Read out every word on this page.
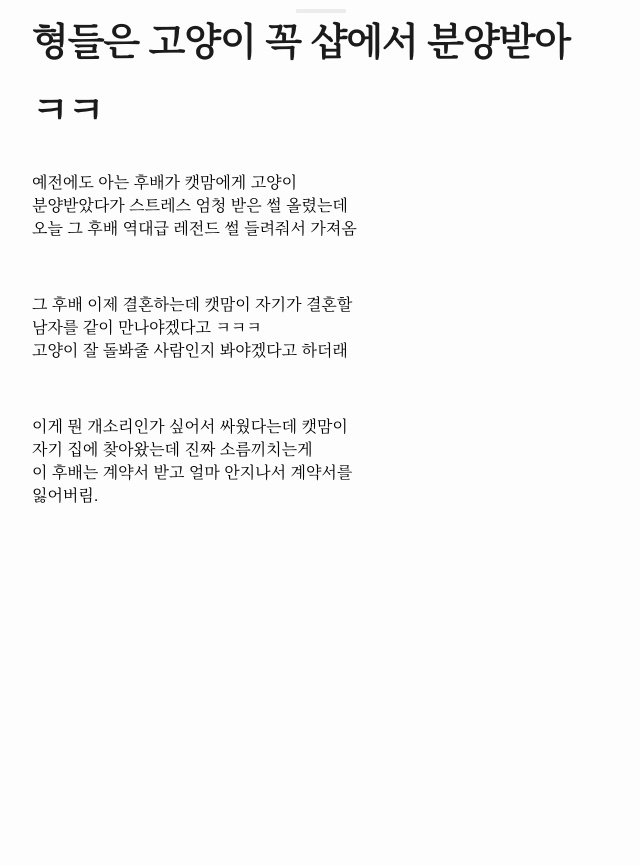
형들은 고양이 꼭 샵에서 분양받아
ㅋㅋ

예전에도 아는 후배가 캣맘에게 고양이
분양받았다가 스트레스 엄청 받은 썰 올렸는데
오늘 그 후배 역대급 레전드 썰 들려줘서 가져옴

그 후배 이제 결혼하는데 캣맘이 자기가 결혼할
남자를 같이 만나야겠다고 ㅋㅋㅋ
고양이 잘 돌봐줄 사람인지 봐야겠다고 하더래

이게 뭔 개소리인가 싶어서 싸웠다는데 캣맘이
자기 집에 찾아왔는데 진짜 소름끼치는게
이 후배는 계약서 받고 얼마 안지나서 계약서를
잃어버림.
